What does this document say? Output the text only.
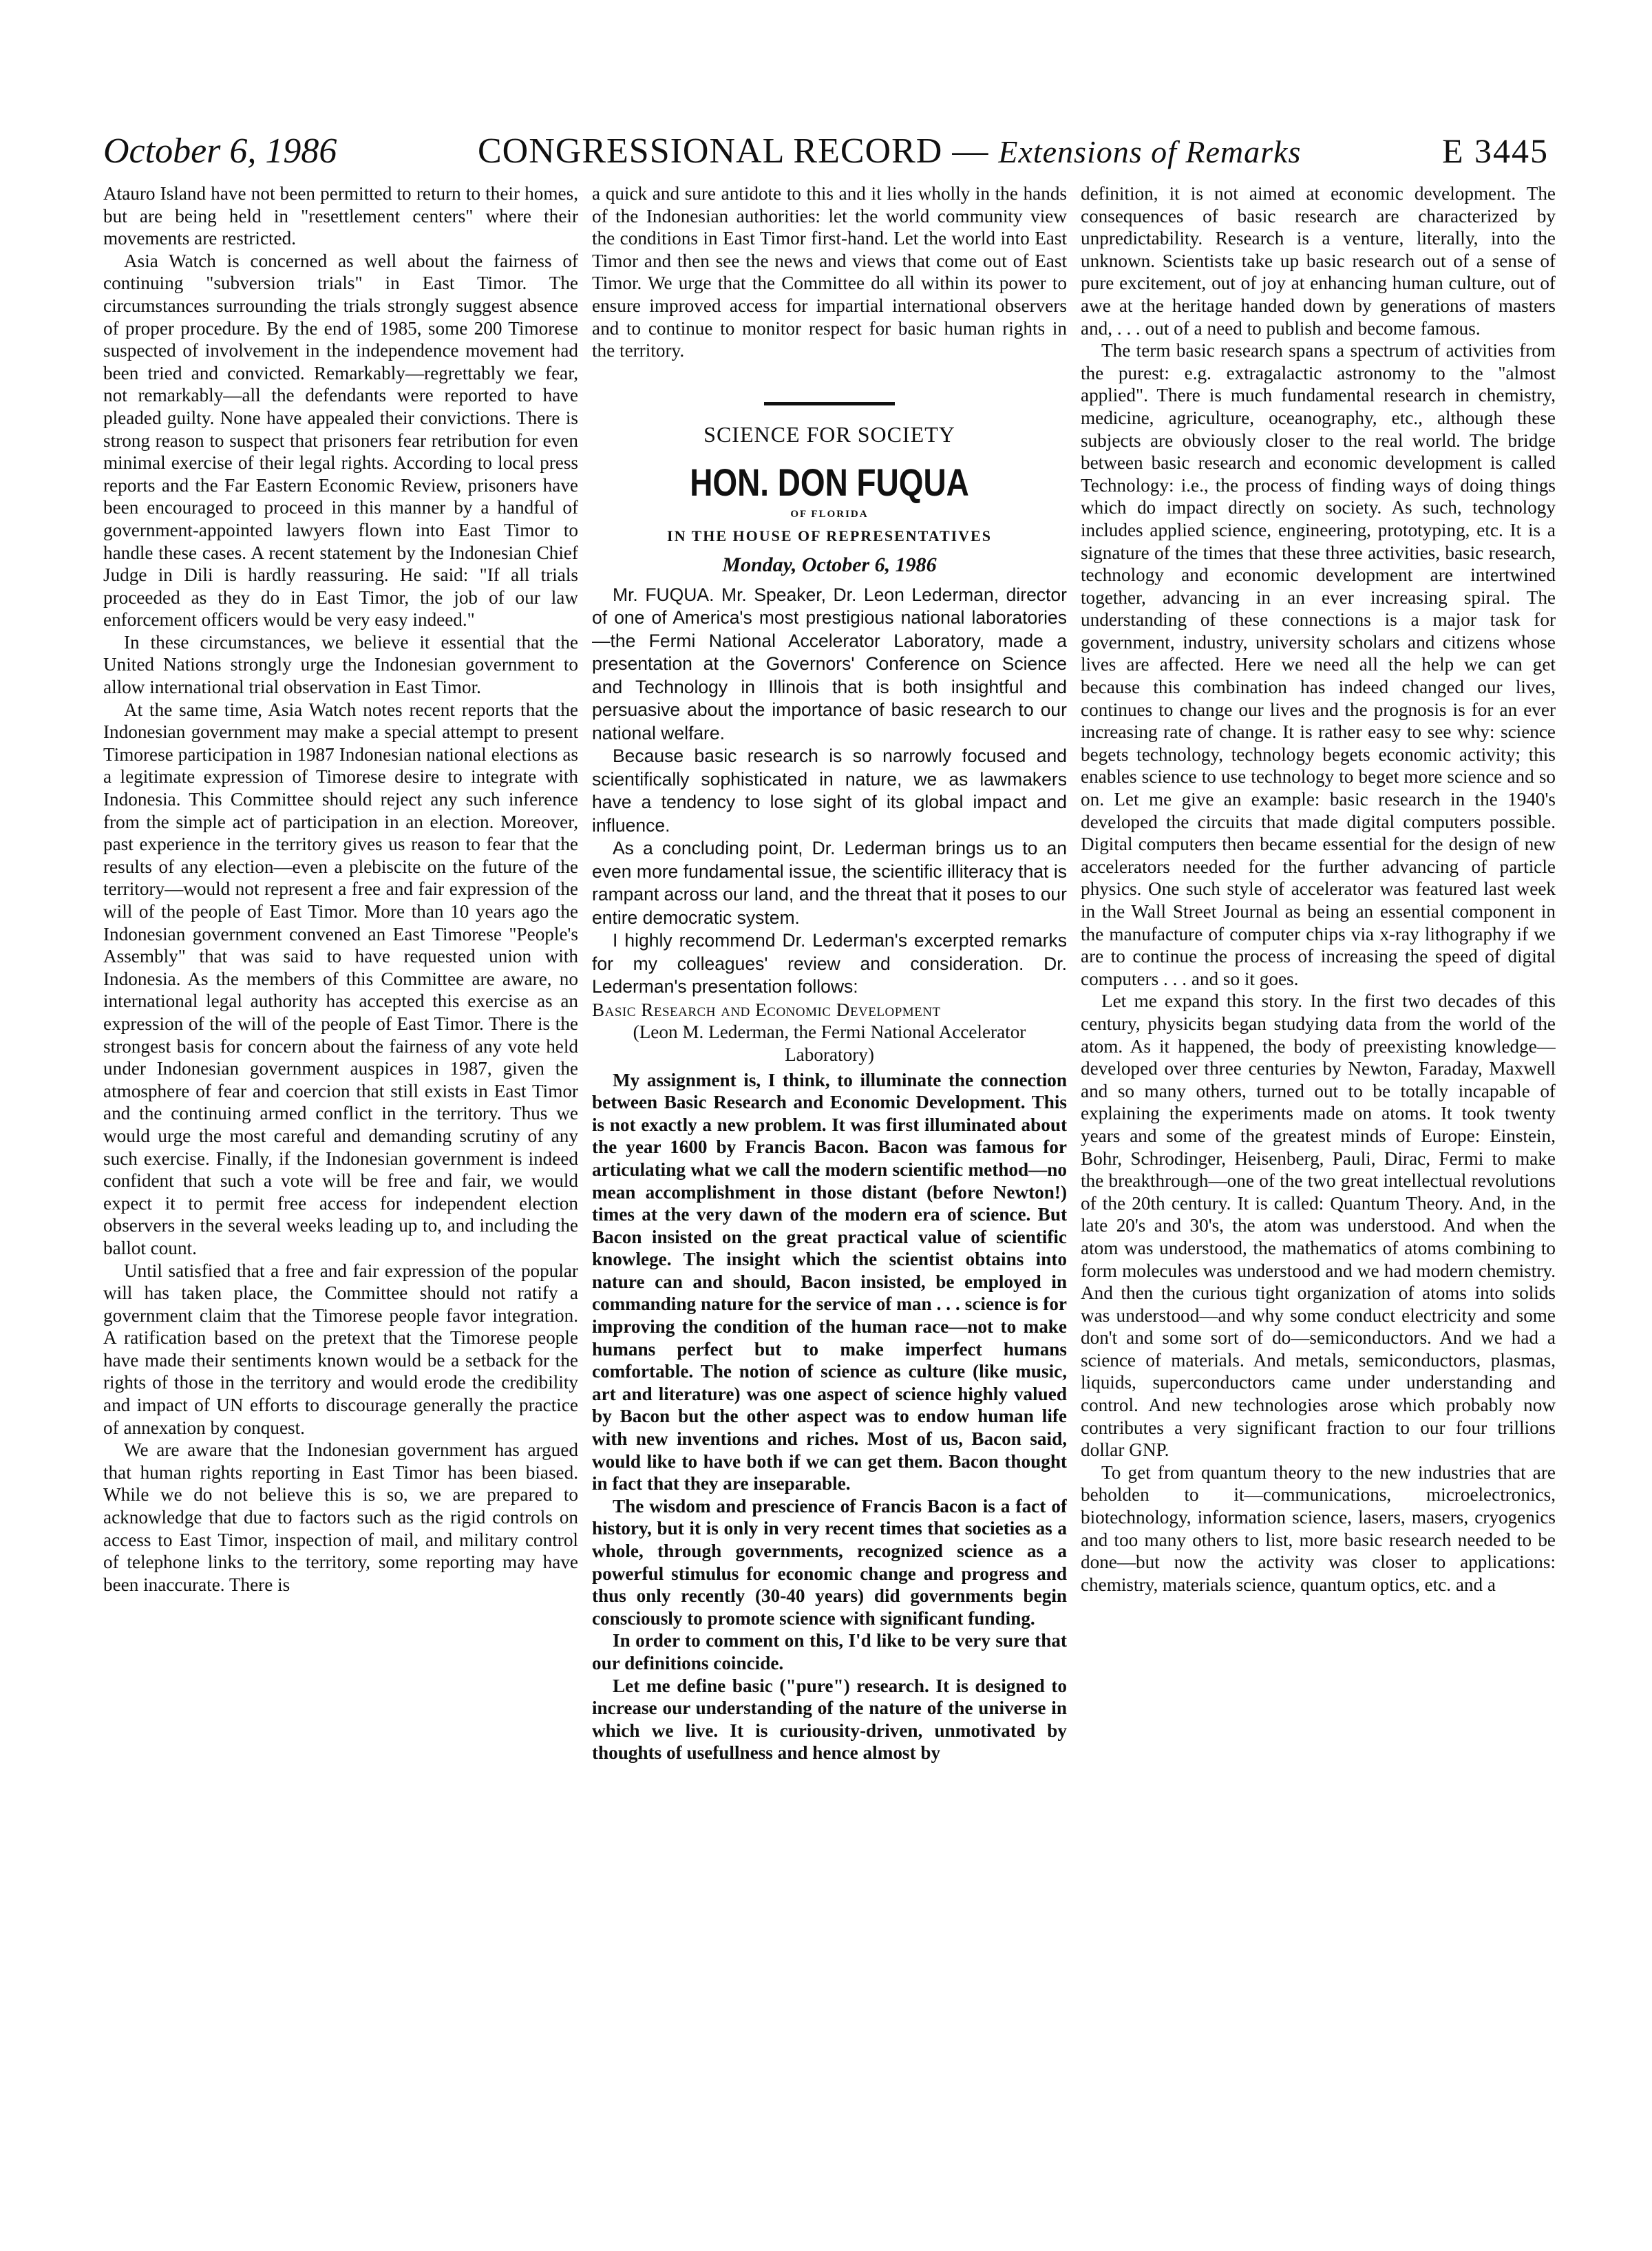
October 6, 1986	CONGRESSIONAL RECORD — Extensions of Remarks	E 3445

Atauro Island have not been permitted to return to their homes, but are being held in "resettlement centers" where their movements are restricted.

Asia Watch is concerned as well about the fairness of continuing "subversion trials" in East Timor. The circumstances surrounding the trials strongly suggest absence of proper procedure. By the end of 1985, some 200 Timorese suspected of involvement in the independence movement had been tried and convicted. Remarkably—regrettably we fear, not remarkably—all the defendants were reported to have pleaded guilty. None have appealed their convictions. There is strong reason to suspect that prisoners fear retribution for even minimal exercise of their legal rights. According to local press reports and the Far Eastern Economic Review, prisoners have been encouraged to proceed in this manner by a handful of government-appointed lawyers flown into East Timor to handle these cases. A recent statement by the Indonesian Chief Judge in Dili is hardly reassuring. He said: "If all trials proceeded as they do in East Timor, the job of our law enforcement officers would be very easy indeed."

In these circumstances, we believe it essential that the United Nations strongly urge the Indonesian government to allow international trial observation in East Timor.

At the same time, Asia Watch notes recent reports that the Indonesian government may make a special attempt to present Timorese participation in 1987 Indonesian national elections as a legitimate expression of Timorese desire to integrate with Indonesia. This Committee should reject any such inference from the simple act of participation in an election. Moreover, past experience in the territory gives us reason to fear that the results of any election—even a plebiscite on the future of the territory—would not represent a free and fair expression of the will of the people of East Timor. More than 10 years ago the Indonesian government convened an East Timorese "People's Assembly" that was said to have requested union with Indonesia. As the members of this Committee are aware, no international legal authority has accepted this exercise as an expression of the will of the people of East Timor. There is the strongest basis for concern about the fairness of any vote held under Indonesian government auspices in 1987, given the atmosphere of fear and coercion that still exists in East Timor and the continuing armed conflict in the territory. Thus we would urge the most careful and demanding scrutiny of any such exercise. Finally, if the Indonesian government is indeed confident that such a vote will be free and fair, we would expect it to permit free access for independent election observers in the several weeks leading up to, and including the ballot count.

Until satisfied that a free and fair expression of the popular will has taken place, the Committee should not ratify a government claim that the Timorese people favor integration. A ratification based on the pretext that the Timorese people have made their sentiments known would be a setback for the rights of those in the territory and would erode the credibility and impact of UN efforts to discourage generally the practice of annexation by conquest.

We are aware that the Indonesian government has argued that human rights reporting in East Timor has been biased. While we do not believe this is so, we are prepared to acknowledge that due to factors such as the rigid controls on access to East Timor, inspection of mail, and military control of telephone links to the territory, some reporting may have been inaccurate. There is

a quick and sure antidote to this and it lies wholly in the hands of the Indonesian authorities: let the world community view the conditions in East Timor first-hand. Let the world into East Timor and then see the news and views that come out of East Timor. We urge that the Committee do all within its power to ensure improved access for impartial international observers and to continue to monitor respect for basic human rights in the territory.

SCIENCE FOR SOCIETY
HON. DON FUQUA
OF FLORIDA
IN THE HOUSE OF REPRESENTATIVES
Monday, October 6, 1986

Mr. FUQUA. Mr. Speaker, Dr. Leon Lederman, director of one of America's most prestigious national laboratories—the Fermi National Accelerator Laboratory, made a presentation at the Governors' Conference on Science and Technology in Illinois that is both insightful and persuasive about the importance of basic research to our national welfare.

Because basic research is so narrowly focused and scientifically sophisticated in nature, we as lawmakers have a tendency to lose sight of its global impact and influence.

As a concluding point, Dr. Lederman brings us to an even more fundamental issue, the scientific illiteracy that is rampant across our land, and the threat that it poses to our entire democratic system.

I highly recommend Dr. Lederman's excerpted remarks for my colleagues' review and consideration. Dr. Lederman's presentation follows:

Basic Research and Economic Development

(Leon M. Lederman, the Fermi National Accelerator Laboratory)

My assignment is, I think, to illuminate the connection between Basic Research and Economic Development. This is not exactly a new problem. It was first illuminated about the year 1600 by Francis Bacon. Bacon was famous for articulating what we call the modern scientific method—no mean accomplishment in those distant (before Newton!) times at the very dawn of the modern era of science. But Bacon insisted on the great practical value of scientific knowlege. The insight which the scientist obtains into nature can and should, Bacon insisted, be employed in commanding nature for the service of man . . . science is for improving the condition of the human race—not to make humans perfect but to make imperfect humans comfortable. The notion of science as culture (like music, art and literature) was one aspect of science highly valued by Bacon but the other aspect was to endow human life with new inventions and riches. Most of us, Bacon said, would like to have both if we can get them. Bacon thought in fact that they are inseparable.

The wisdom and prescience of Francis Bacon is a fact of history, but it is only in very recent times that societies as a whole, through governments, recognized science as a powerful stimulus for economic change and progress and thus only recently (30-40 years) did governments begin consciously to promote science with significant funding.

In order to comment on this, I'd like to be very sure that our definitions coincide.

Let me define basic ("pure") research. It is designed to increase our understanding of the nature of the universe in which we live. It is curiousity-driven, unmotivated by thoughts of usefullness and hence almost by

definition, it is not aimed at economic development. The consequences of basic research are characterized by unpredictability. Research is a venture, literally, into the unknown. Scientists take up basic research out of a sense of pure excitement, out of joy at enhancing human culture, out of awe at the heritage handed down by generations of masters and, . . . out of a need to publish and become famous.

The term basic research spans a spectrum of activities from the purest: e.g. extragalactic astronomy to the "almost applied". There is much fundamental research in chemistry, medicine, agriculture, oceanography, etc., although these subjects are obviously closer to the real world. The bridge between basic research and economic development is called Technology: i.e., the process of finding ways of doing things which do impact directly on society. As such, technology includes applied science, engineering, prototyping, etc. It is a signature of the times that these three activities, basic research, technology and economic development are intertwined together, advancing in an ever increasing spiral. The understanding of these connections is a major task for government, industry, university scholars and citizens whose lives are affected. Here we need all the help we can get because this combination has indeed changed our lives, continues to change our lives and the prognosis is for an ever increasing rate of change. It is rather easy to see why: science begets technology, technology begets economic activity; this enables science to use technology to beget more science and so on. Let me give an example: basic research in the 1940's developed the circuits that made digital computers possible. Digital computers then became essential for the design of new accelerators needed for the further advancing of particle physics. One such style of accelerator was featured last week in the Wall Street Journal as being an essential component in the manufacture of computer chips via x-ray lithography if we are to continue the process of increasing the speed of digital computers . . . and so it goes.

Let me expand this story. In the first two decades of this century, physicits began studying data from the world of the atom. As it happened, the body of preexisting knowledge—developed over three centuries by Newton, Faraday, Maxwell and so many others, turned out to be totally incapable of explaining the experiments made on atoms. It took twenty years and some of the greatest minds of Europe: Einstein, Bohr, Schrodinger, Heisenberg, Pauli, Dirac, Fermi to make the breakthrough—one of the two great intellectual revolutions of the 20th century. It is called: Quantum Theory. And, in the late 20's and 30's, the atom was understood. And when the atom was understood, the mathematics of atoms combining to form molecules was understood and we had modern chemistry. And then the curious tight organization of atoms into solids was understood—and why some conduct electricity and some don't and some sort of do—semiconductors. And we had a science of materials. And metals, semiconductors, plasmas, liquids, superconductors came under understanding and control. And new technologies arose which probably now contributes a very significant fraction to our four trillions dollar GNP.

To get from quantum theory to the new industries that are beholden to it—communications, microelectronics, biotechnology, information science, lasers, masers, cryogenics and too many others to list, more basic research needed to be done—but now the activity was closer to applications: chemistry, materials science, quantum optics, etc. and a
